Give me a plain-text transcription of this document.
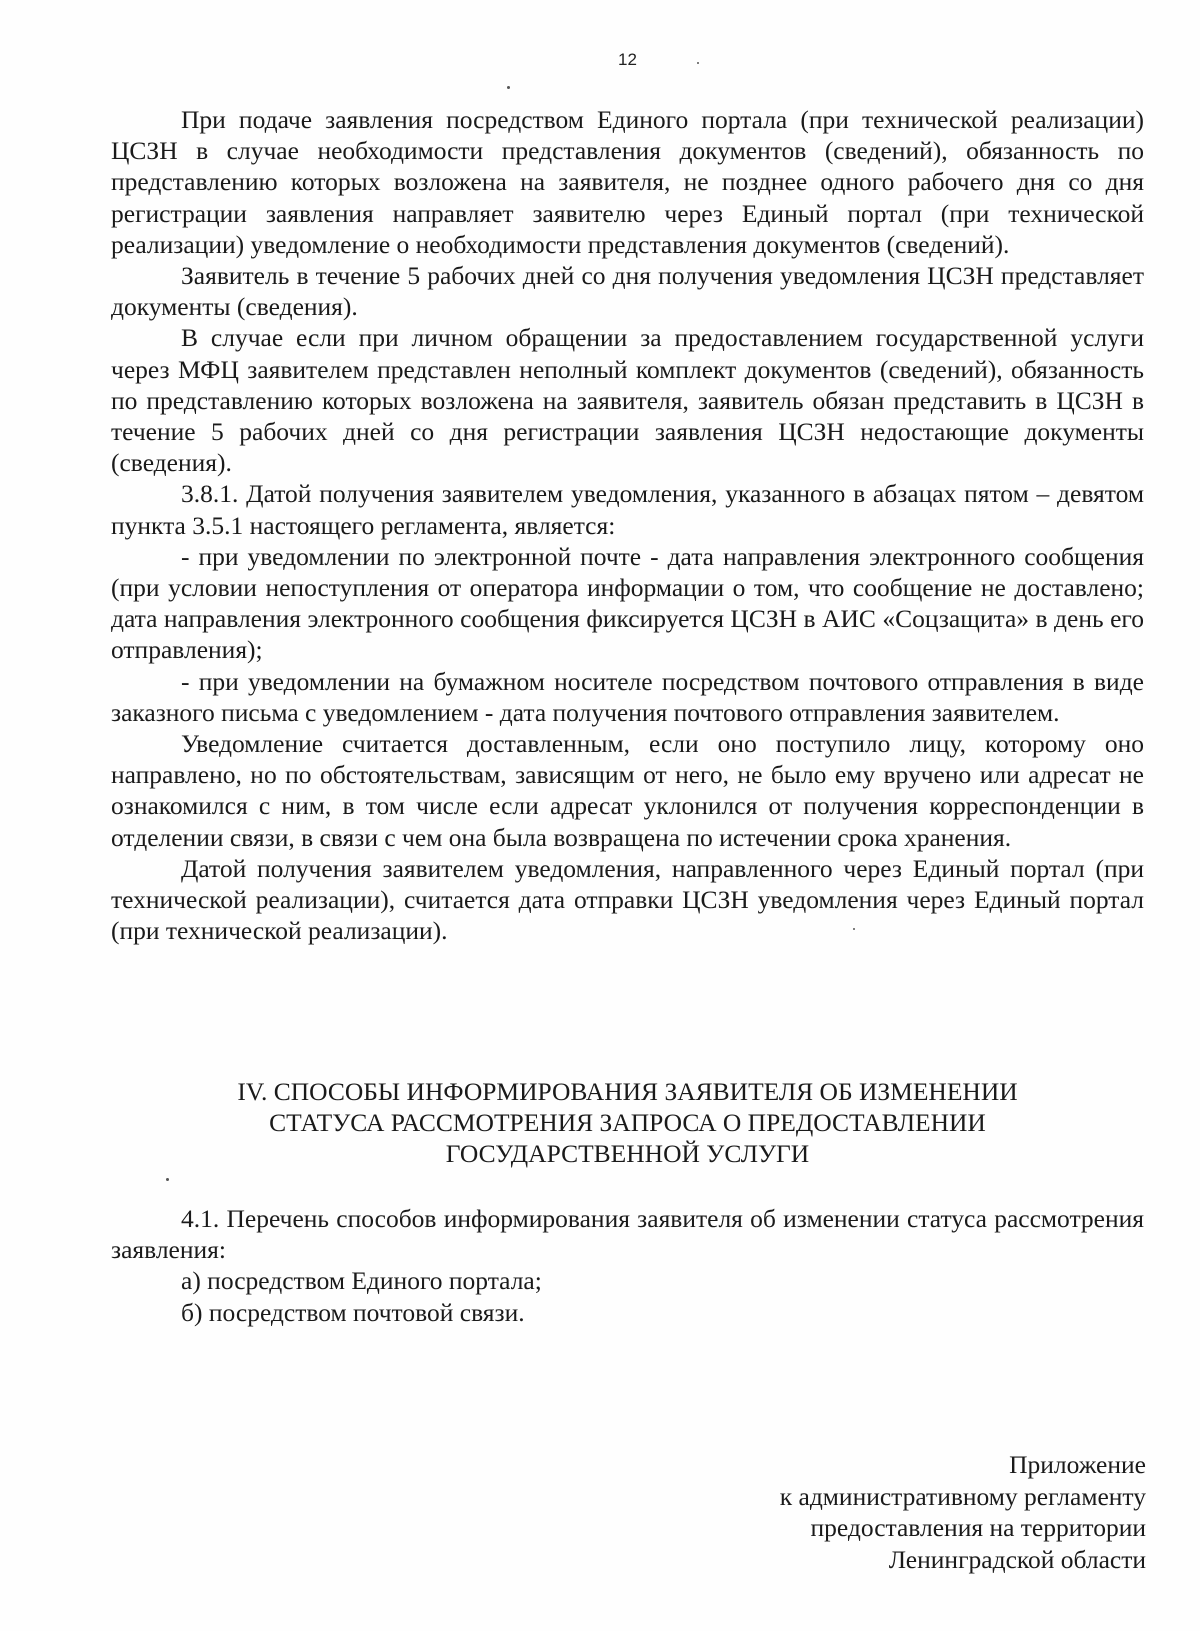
12

При подаче заявления посредством Единого портала (при технической реализации) ЦСЗН в случае необходимости представления документов (сведений), обязанность по представлению которых возложена на заявителя, не позднее одного рабочего дня со дня регистрации заявления направляет заявителю через Единый портал (при технической реализации) уведомление о необходимости представления документов (сведений).

Заявитель в течение 5 рабочих дней со дня получения уведомления ЦСЗН представляет документы (сведения).

В случае если при личном обращении за предоставлением государственной услуги через МФЦ заявителем представлен неполный комплект документов (сведений), обязанность по представлению которых возложена на заявителя, заявитель обязан представить в ЦСЗН в течение 5 рабочих дней со дня регистрации заявления ЦСЗН недостающие документы (сведения).

3.8.1. Датой получения заявителем уведомления, указанного в абзацах пятом – девятом пункта 3.5.1 настоящего регламента, является:

- при уведомлении по электронной почте - дата направления электронного сообщения (при условии непоступления от оператора информации о том, что сообщение не доставлено; дата направления электронного сообщения фиксируется ЦСЗН в АИС «Соцзащита» в день его отправления);

- при уведомлении на бумажном носителе посредством почтового отправления в виде заказного письма с уведомлением - дата получения почтового отправления заявителем.

Уведомление считается доставленным, если оно поступило лицу, которому оно направлено, но по обстоятельствам, зависящим от него, не было ему вручено или адресат не ознакомился с ним, в том числе если адресат уклонился от получения корреспонденции в отделении связи, в связи с чем она была возвращена по истечении срока хранения.

Датой получения заявителем уведомления, направленного через Единый портал (при технической реализации), считается дата отправки ЦСЗН уведомления через Единый портал (при технической реализации).

IV. СПОСОБЫ ИНФОРМИРОВАНИЯ ЗАЯВИТЕЛЯ ОБ ИЗМЕНЕНИИ
СТАТУСА РАССМОТРЕНИЯ ЗАПРОСА О ПРЕДОСТАВЛЕНИИ
ГОСУДАРСТВЕННОЙ УСЛУГИ

4.1. Перечень способов информирования заявителя об изменении статуса рассмотрения заявления:

а) посредством Единого портала;

б) посредством почтовой связи.

Приложение
к административному регламенту
предоставления на территории
Ленинградской области
